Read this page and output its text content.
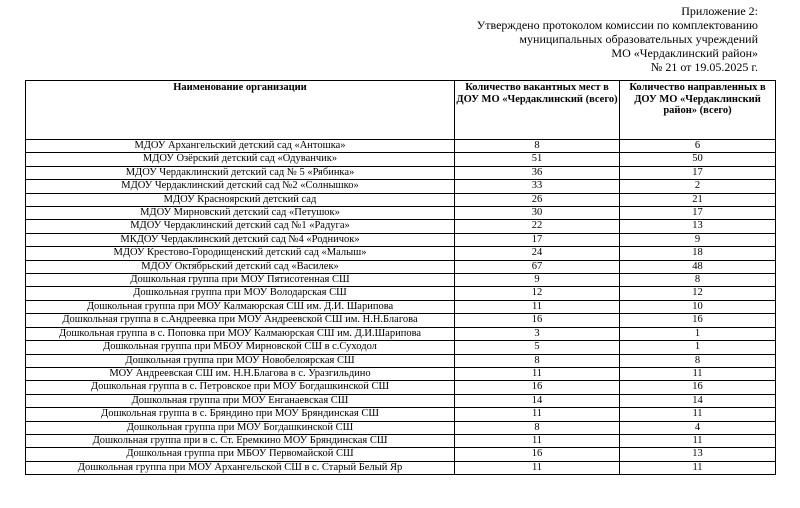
Приложение 2:
Утверждено протоколом комиссии по комплектованию
муниципальных образовательных учреждений
МО «Чердаклинский район»
№ 21 от 19.05.2025 г.
Наименование организации	Количество вакантных мест в ДОУ МО «Чердаклинский (всего)	Количество направленных в ДОУ МО «Чердаклинский район» (всего)
МДОУ Архангельский детский сад «Антошка»	8	6
МДОУ Озёрский детский сад «Одуванчик»	51	50
МДОУ Чердаклинский детский сад № 5 «Рябинка»	36	17
МДОУ Чердаклинский детский сад №2 «Солнышко»	33	2
МДОУ Красноярский детский сад	26	21
МДОУ Мирновский детский сад «Петушок»	30	17
МДОУ Чердаклинский детский сад №1 «Радуга»	22	13
МКДОУ Чердаклинский детский сад №4 «Родничок»	17	9
МДОУ Крестово-Городищенский детский сад «Малыш»	24	18
МДОУ Октябрьский детский сад «Василек»	67	48
Дошкольная группа при МОУ Пятисотенная СШ	9	8
Дошкольная группа при МОУ Володарская СШ	12	12
Дошкольная группа при МОУ Калмаюрская СШ им. Д.И. Шарипова	11	10
Дошкольная группа в с.Андреевка при МОУ Андреевской СШ им. Н.Н.Благова	16	16
Дошкольная группа в с. Поповка при МОУ Калмаюрская СШ им. Д.И.Шарипова	3	1
Дошкольная группа при МБОУ Мирновской СШ в с.Суходол	5	1
Дошкольная группа при МОУ Новобелоярская СШ	8	8
МОУ Андреевская СШ им. Н.Н.Благова в с. Уразгильдино	11	11
Дошкольная группа в с. Петровское при МОУ Богдашкинской СШ	16	16
Дошкольная группа при МОУ Енганаевская СШ	14	14
Дошкольная группа в с. Бряндино при МОУ Бряндинская СШ	11	11
Дошкольная группа при МОУ Богдашкинской СШ	8	4
Дошкольная группа при в с. Ст. Еремкино МОУ Бряндинская СШ	11	11
Дошкольная группа при МБОУ Первомайской СШ	16	13
Дошкольная группа при МОУ Архангельской СШ в с. Старый Белый Яр	11	11
